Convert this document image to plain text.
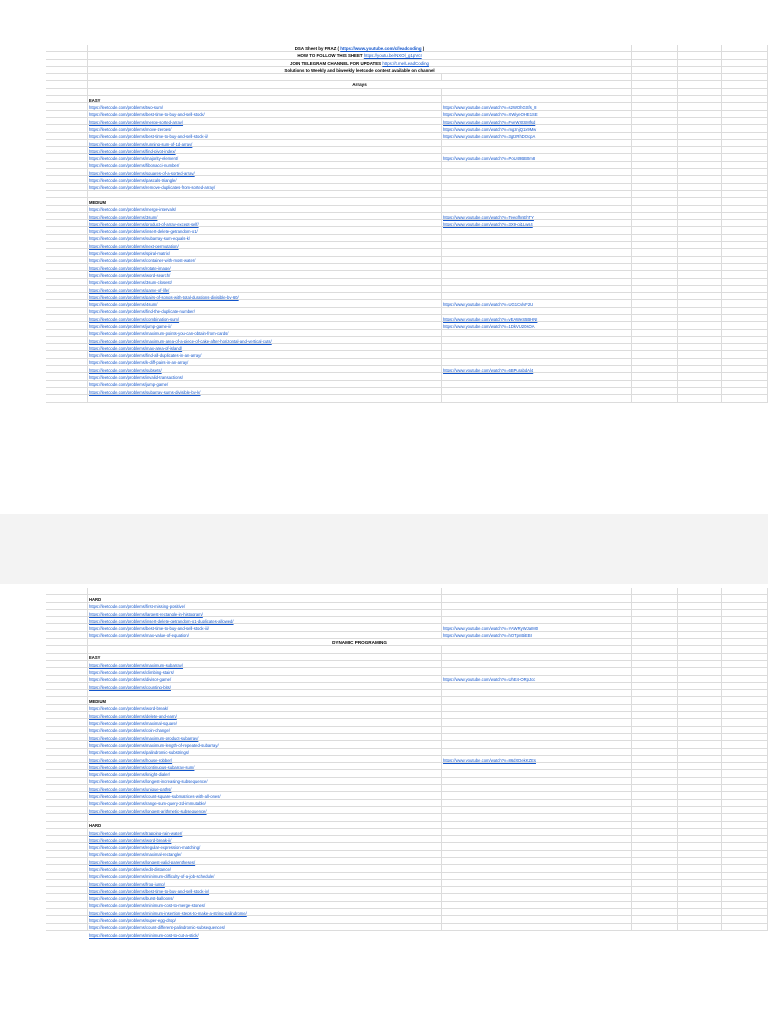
DSA Sheet by FRAZ ( https://www.youtube.com/c/leadcoding )
HOW TO FOLLOW THIS SHEET https://youtu.be/NXOl_g1pVcI
JOIN TELEGRAM CHANNEL FOR UPDATES https://t.me/LeadCoding
Solutions to Weekly and biweekly leetcode contest available on channel
Arrays
EASY
https://leetcode.com/problems/two-sum/	https://www.youtube.com/watch?v=s2WOhGSfs_8
https://leetcode.com/problems/best-time-to-buy-and-sell-stock/	https://www.youtube.com/watch?v=XWiyeOHE1SE
https://leetcode.com/problems/merge-sorted-array/	https://www.youtube.com/watch?v=FyeWXtSMfsd
https://leetcode.com/problems/move-zeroes/	https://www.youtube.com/watch?v=mgznjQ1x9Mw
https://leetcode.com/problems/best-time-to-buy-and-sell-stock-ii/	https://www.youtube.com/watch?v=3gtzRhDOcpA
https://leetcode.com/problems/running-sum-of-1d-array/
https://leetcode.com/problems/find-pivot-index/
https://leetcode.com/problems/majority-element/	https://www.youtube.com/watch?v=PoU49BB0m8
https://leetcode.com/problems/fibonacci-number/
https://leetcode.com/problems/squares-of-a-sorted-array/
https://leetcode.com/problems/pascals-triangle/
https://leetcode.com/problems/remove-duplicates-from-sorted-array/
MEDIUM
https://leetcode.com/problems/merge-intervals/
https://leetcode.com/problems/3sum/	https://www.youtube.com/watch?v=TeegfhnEhTY
https://leetcode.com/problems/product-of-array-except-self/	https://www.youtube.com/watch?v=3X9-gi1Lws4
https://leetcode.com/problems/insert-delete-getrandom-o1/
https://leetcode.com/problems/subarray-sum-equals-k/
https://leetcode.com/problems/next-permutation/
https://leetcode.com/problems/spiral-matrix/
https://leetcode.com/problems/container-with-most-water/
https://leetcode.com/problems/rotate-image/
https://leetcode.com/problems/word-search/
https://leetcode.com/problems/3sum-closest/
https://leetcode.com/problems/game-of-life/
https://leetcode.com/problems/pairs-of-songs-with-total-durations-divisible-by-60/
https://leetcode.com/problems/4sum/	https://www.youtube.com/watch?v=UG1CvlvF2U
https://leetcode.com/problems/find-the-duplicate-number/
https://leetcode.com/problems/combination-sum/	https://www.youtube.com/watch?v=vEAWeS5BHNI
https://leetcode.com/problems/jump-game-ii/	https://www.youtube.com/watch?v=1DkVU20sOA
https://leetcode.com/problems/maximum-points-you-can-obtain-from-cards/
https://leetcode.com/problems/maximum-area-of-a-piece-of-cake-after-horizontal-and-vertical-cuts/
https://leetcode.com/problems/max-area-of-island/
https://leetcode.com/problems/find-all-duplicates-in-an-array/
https://leetcode.com/problems/k-diff-pairs-in-an-array/
https://leetcode.com/problems/subsets/	https://www.youtube.com/watch?v=6BPurabdAl4
https://leetcode.com/problems/invalid-transactions/
https://leetcode.com/problems/jump-game/
https://leetcode.com/problems/subarray-sums-divisible-by-k/
HARD
https://leetcode.com/problems/first-missing-positive/
https://leetcode.com/problems/largest-rectangle-in-histogram/
https://leetcode.com/problems/insert-delete-getrandom-o1-duplicates-allowed/
https://leetcode.com/problems/best-time-to-buy-and-sell-stock-iii/	https://www.youtube.com/watch?v=YAWRyWJaIM0
https://leetcode.com/problems/max-value-of-equation/	https://www.youtube.com/watch?v=hOTpnBiEBI
DYNAMIC PROGRAMING
EASY
https://leetcode.com/problems/maximum-subarray/
https://leetcode.com/problems/climbing-stairs/
https://leetcode.com/problems/divisor-game/	https://www.youtube.com/watch?v=UhE4-ORpJcc
https://leetcode.com/problems/counting-bits/
MEDIUM
https://leetcode.com/problems/word-break/
https://leetcode.com/problems/delete-and-earn/
https://leetcode.com/problems/maximal-square/
https://leetcode.com/problems/coin-change/
https://leetcode.com/problems/maximum-product-subarray/
https://leetcode.com/problems/maximum-length-of-repeated-subarray/
https://leetcode.com/problems/palindromic-substrings/
https://leetcode.com/problems/house-robber/	https://www.youtube.com/watch?v=86dXDekKZEs
https://leetcode.com/problems/continuous-subarray-sum/
https://leetcode.com/problems/knight-dialer/
https://leetcode.com/problems/longest-increasing-subsequence/
https://leetcode.com/problems/unique-paths/
https://leetcode.com/problems/count-square-submatrices-with-all-ones/
https://leetcode.com/problems/range-sum-query-2d-immutable/
https://leetcode.com/problems/longest-arithmetic-subsequence/
HARD
https://leetcode.com/problems/trapping-rain-water/
https://leetcode.com/problems/word-break-ii/
https://leetcode.com/problems/regular-expression-matching/
https://leetcode.com/problems/maximal-rectangle/
https://leetcode.com/problems/longest-valid-parentheses/
https://leetcode.com/problems/edit-distance/
https://leetcode.com/problems/minimum-difficulty-of-a-job-schedule/
https://leetcode.com/problems/frog-jump/
https://leetcode.com/problems/best-time-to-buy-and-sell-stock-iv/
https://leetcode.com/problems/burst-balloons/
https://leetcode.com/problems/minimum-cost-to-merge-stones/
https://leetcode.com/problems/minimum-insertion-steps-to-make-a-string-palindrome/
https://leetcode.com/problems/super-egg-drop/
https://leetcode.com/problems/count-different-palindromic-subsequences/
https://leetcode.com/problems/minimum-cost-to-cut-a-stick/
